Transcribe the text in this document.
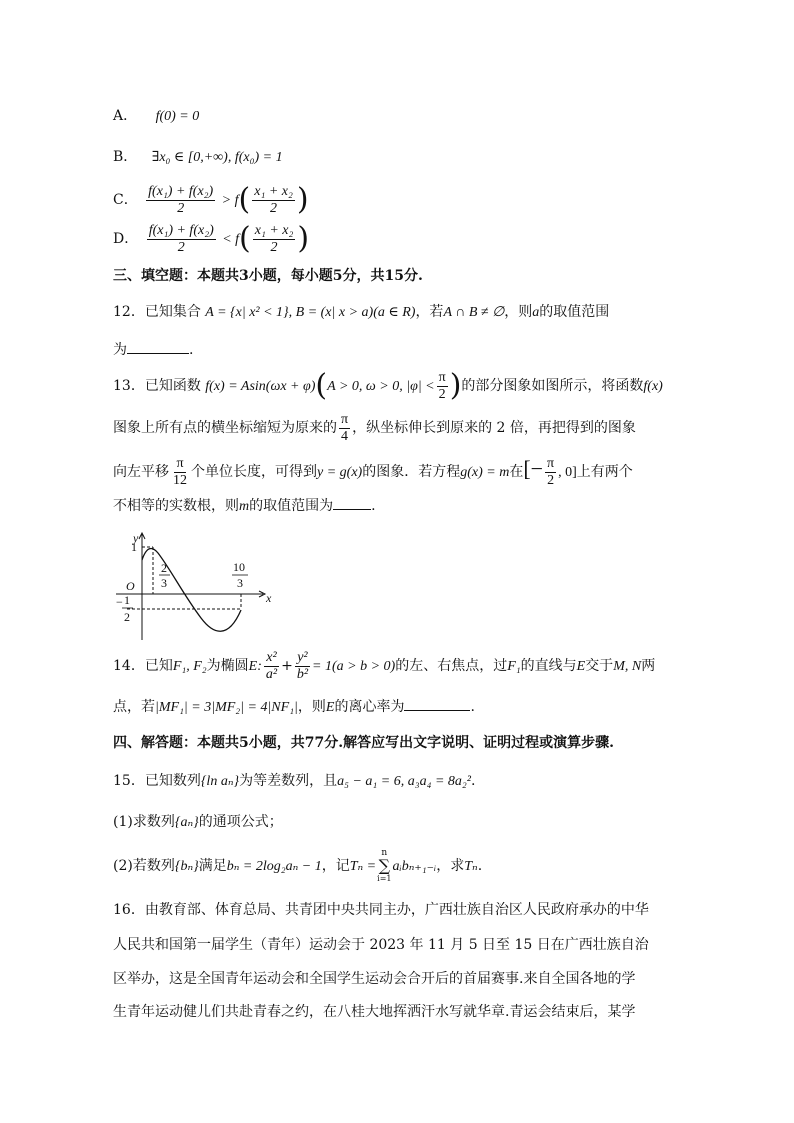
A． f(0) = 0
B． ∃x₀ ∈ [0,+∞), f(x₀) = 1
C． $\frac{\text{f(x₁) + f(x₂)}}{2} > f( \frac{\text{x₁ + x₂}}{2}$ )
D． $\frac{\text{f(x₁) + f(x₂)}}{2} < f( \frac{\text{x₁ + x₂}}{2}$ )
三、填空题：本题共3小题，每小题5分，共15分.
12．已知集合 A = {x| x² < 1}, B = (x| x > a)(a ∈ R)，若A ∩ B ≠ ∅，则a的取值范围
为	.
13．已知函数 f(x) = Asin(ωx + φ)(A > 0, ω > 0, $|\varphi| < \frac{\pi}{2}$ )的部分图象如图所示，将函数f(x)
图象上所有点的横坐标缩短为原来的 $\frac{\pi}{4}$ ，纵坐标伸长到原来的 2 倍，再把得到的图象
向左平移 $\frac{\pi}{12}$ 个单位长度，可得到y = g(x)的图象．若方程g(x) = m在[− $\frac{\pi}{2}$ , 0]上有两个
不相等的实数根，则m的取值范围为	.
y
x
1
O
2
3
10
3
− 1
2
14．已知F₁, F₂为椭圆E: $\frac{\text{x²}}{\text{a²}} + \frac{\text{y²}}{\text{b²}} = 1(a > b > 0)$的左、右焦点，过F₁的直线与E交于M, N两
点，若|MF₁| = 3|MF₂| = 4|NF₁|，则E的离心率为	.
四、解答题：本题共5小题，共77分.解答应写出文字说明、证明过程或演算步骤.
15．已知数列{ln aₙ}为等差数列，且a₅ − a₁ = 6, a₃a₄ = 8a₂².
(1)求数列{aₙ}的通项公式；
(2)若数列{bₙ}满足bₙ = 2log₂aₙ − 1，记Tₙ =
n
∑
i=1
aᵢbₙ₊₁₋ᵢ，求Tₙ.
16．由教育部、体育总局、共青团中央共同主办，广西壮族自治区人民政府承办的中华
人民共和国第一届学生（青年）运动会于 2023 年 11 月 5 日至 15 日在广西壮族自治
区举办，这是全国青年运动会和全国学生运动会合开后的首届赛事.来自全国各地的学
生青年运动健儿们共赴青春之约，在八桂大地挥洒汗水写就华章.青运会结束后，某学
